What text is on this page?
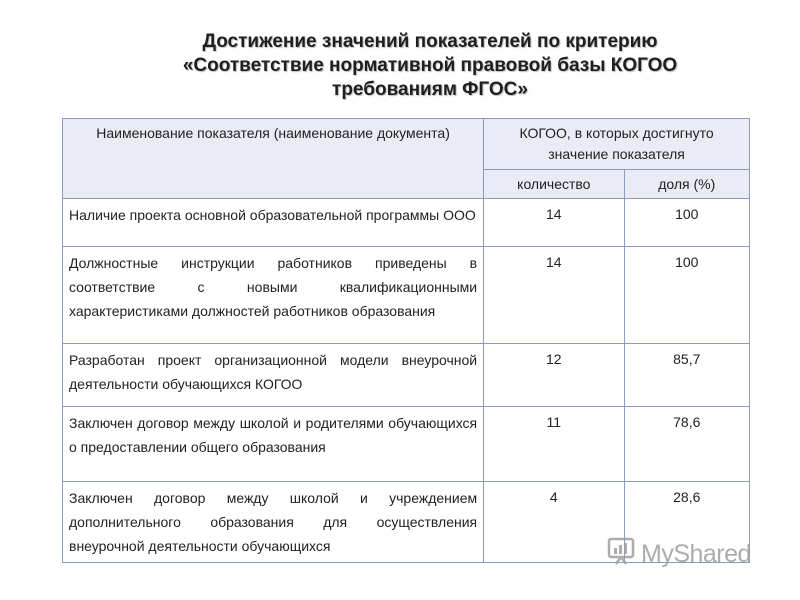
Достижение значений показателей по критерию
«Соответствие нормативной правовой базы КОГОО
требованиям ФГОС»
Наименование показателя (наименование документа)	КОГОО, в которых достигнуто значение показателя	
	количество	доля (%)
Наличие проекта основной образовательной программы ООО	14	100
Должностные инструкции работников приведены в соответствие с новыми квалификационными характеристиками должностей работников образования	14	100
Разработан проект организационной модели внеурочной деятельности обучающихся КОГОО	12	85,7
Заключен договор между школой и родителями обучающихся о предоставлении общего образования	11	78,6
Заключен договор между школой и учреждением дополнительного образования для осуществления внеурочной деятельности обучающихся	4	28,6
MyShared
